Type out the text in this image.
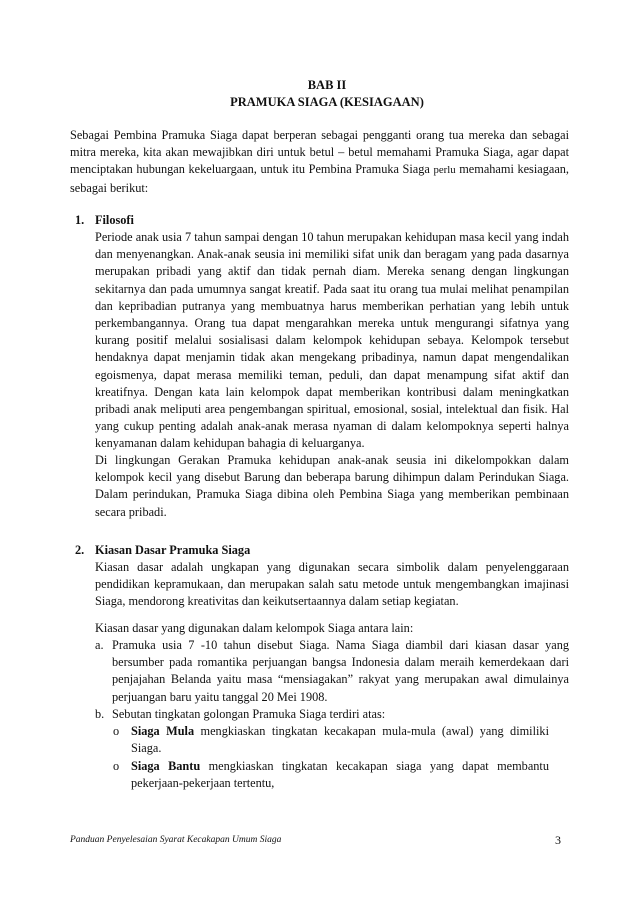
BAB II
PRAMUKA SIAGA (KESIAGAAN)
Sebagai Pembina Pramuka Siaga dapat berperan sebagai pengganti orang tua mereka dan sebagai mitra mereka, kita akan mewajibkan diri untuk betul – betul memahami Pramuka Siaga, agar dapat menciptakan hubungan kekeluargaan, untuk itu Pembina Pramuka Siaga perlu memahami kesiagaan, sebagai berikut:
1. Filosofi
Periode anak usia 7 tahun sampai dengan 10 tahun merupakan kehidupan masa kecil yang indah dan menyenangkan. Anak-anak seusia ini memiliki sifat unik dan beragam yang pada dasarnya merupakan pribadi yang aktif dan tidak pernah diam. Mereka senang dengan lingkungan sekitarnya dan pada umumnya sangat kreatif. Pada saat itu orang tua mulai melihat penampilan dan kepribadian putranya yang membuatnya harus memberikan perhatian yang lebih untuk perkembangannya. Orang tua dapat mengarahkan mereka untuk mengurangi sifatnya yang kurang positif melalui sosialisasi dalam kelompok kehidupan sebaya. Kelompok tersebut hendaknya dapat menjamin tidak akan mengekang pribadinya, namun dapat mengendalikan egoismenya, dapat merasa memiliki teman, peduli, dan dapat menampung sifat aktif dan kreatifnya. Dengan kata lain kelompok dapat memberikan kontribusi dalam meningkatkan pribadi anak meliputi area pengembangan spiritual, emosional, sosial, intelektual dan fisik. Hal yang cukup penting adalah anak-anak merasa nyaman di dalam kelompoknya seperti halnya kenyamanan dalam kehidupan bahagia di keluarganya.
Di lingkungan Gerakan Pramuka kehidupan anak-anak seusia ini dikelompokkan dalam kelompok kecil yang disebut Barung dan beberapa barung dihimpun dalam Perindukan Siaga. Dalam perindukan, Pramuka Siaga dibina oleh Pembina Siaga yang memberikan pembinaan secara pribadi.
2. Kiasan Dasar Pramuka Siaga
Kiasan dasar adalah ungkapan yang digunakan secara simbolik dalam penyelenggaraan pendidikan kepramukaan, dan merupakan salah satu metode untuk mengembangkan imajinasi Siaga, mendorong kreativitas dan keikutsertaannya dalam setiap kegiatan.
Kiasan dasar yang digunakan dalam kelompok Siaga antara lain:
a. Pramuka usia 7 -10 tahun disebut Siaga. Nama Siaga diambil dari kiasan dasar yang bersumber pada romantika perjuangan bangsa Indonesia dalam meraih kemerdekaan dari penjajahan Belanda yaitu masa “mensiagakan” rakyat yang merupakan awal dimulainya perjuangan baru yaitu tanggal 20 Mei 1908.
b. Sebutan tingkatan golongan Pramuka Siaga terdiri atas:
o Siaga Mula mengkiaskan tingkatan kecakapan mula-mula (awal) yang dimiliki Siaga.
o Siaga Bantu mengkiaskan tingkatan kecakapan siaga yang dapat membantu pekerjaan-pekerjaan tertentu,
Panduan Penyelesaian Syarat Kecakapan Umum Siaga	3
